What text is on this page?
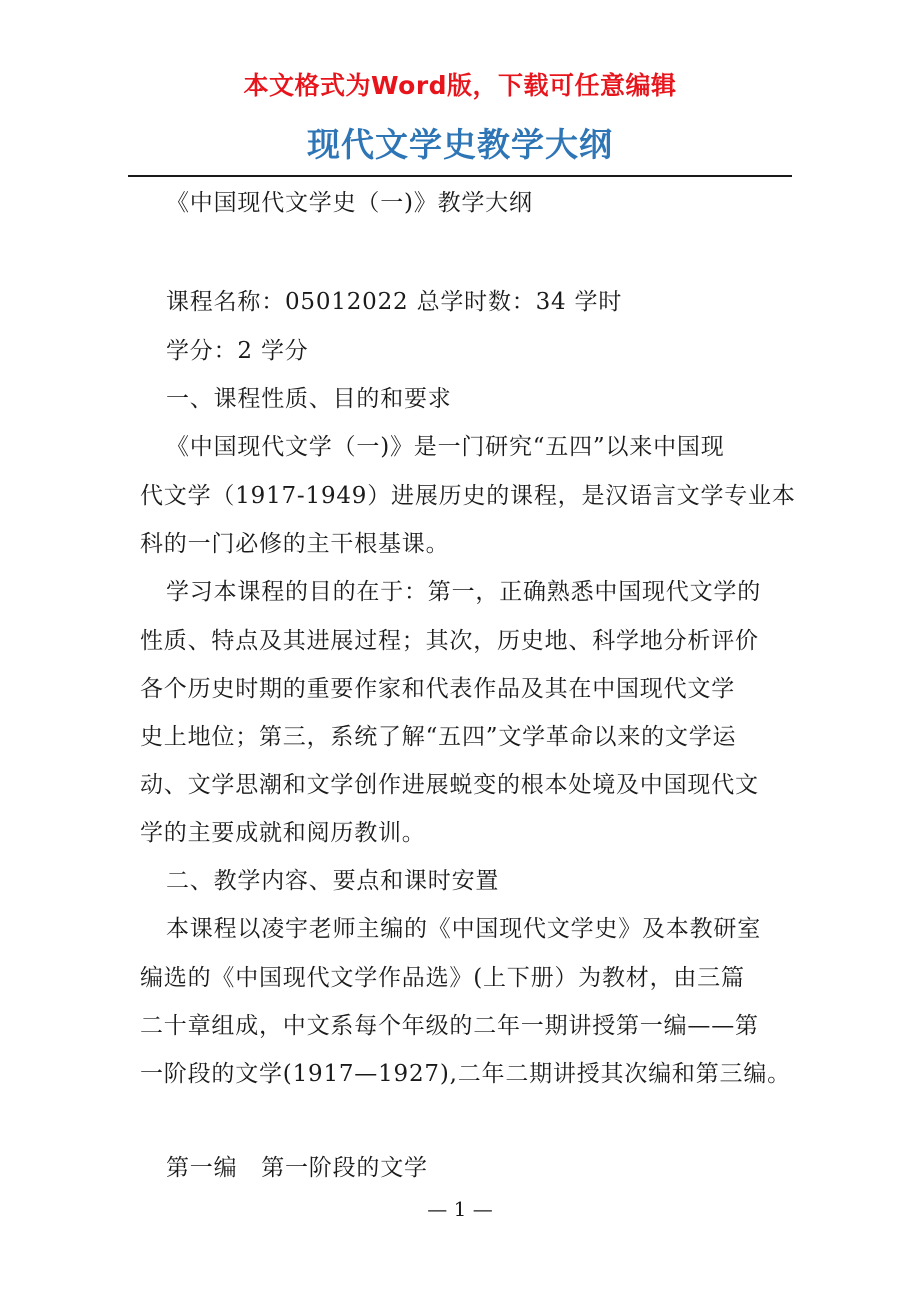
本文格式为Word版，下载可任意编辑
现代文学史教学大纲
《中国现代文学史（一)》教学大纲
课程名称：05012022 总学时数：34 学时
学分：2 学分
一、课程性质、目的和要求
《中国现代文学（一)》是一门研究“五四”以来中国现
代文学（1917-1949）进展历史的课程，是汉语言文学专业本
科的一门必修的主干根基课。
学习本课程的目的在于：第一，正确熟悉中国现代文学的
性质、特点及其进展过程；其次，历史地、科学地分析评价
各个历史时期的重要作家和代表作品及其在中国现代文学
史上地位；第三，系统了解“五四”文学革命以来的文学运
动、文学思潮和文学创作进展蜕变的根本处境及中国现代文
学的主要成就和阅历教训。
二、教学内容、要点和课时安置
本课程以凌宇老师主编的《中国现代文学史》及本教研室
编选的《中国现代文学作品选》(上下册）为教材，由三篇
二十章组成，中文系每个年级的二年一期讲授第一编——第
一阶段的文学(1917—1927),二年二期讲授其次编和第三编。
第一编　第一阶段的文学
— 1 —
